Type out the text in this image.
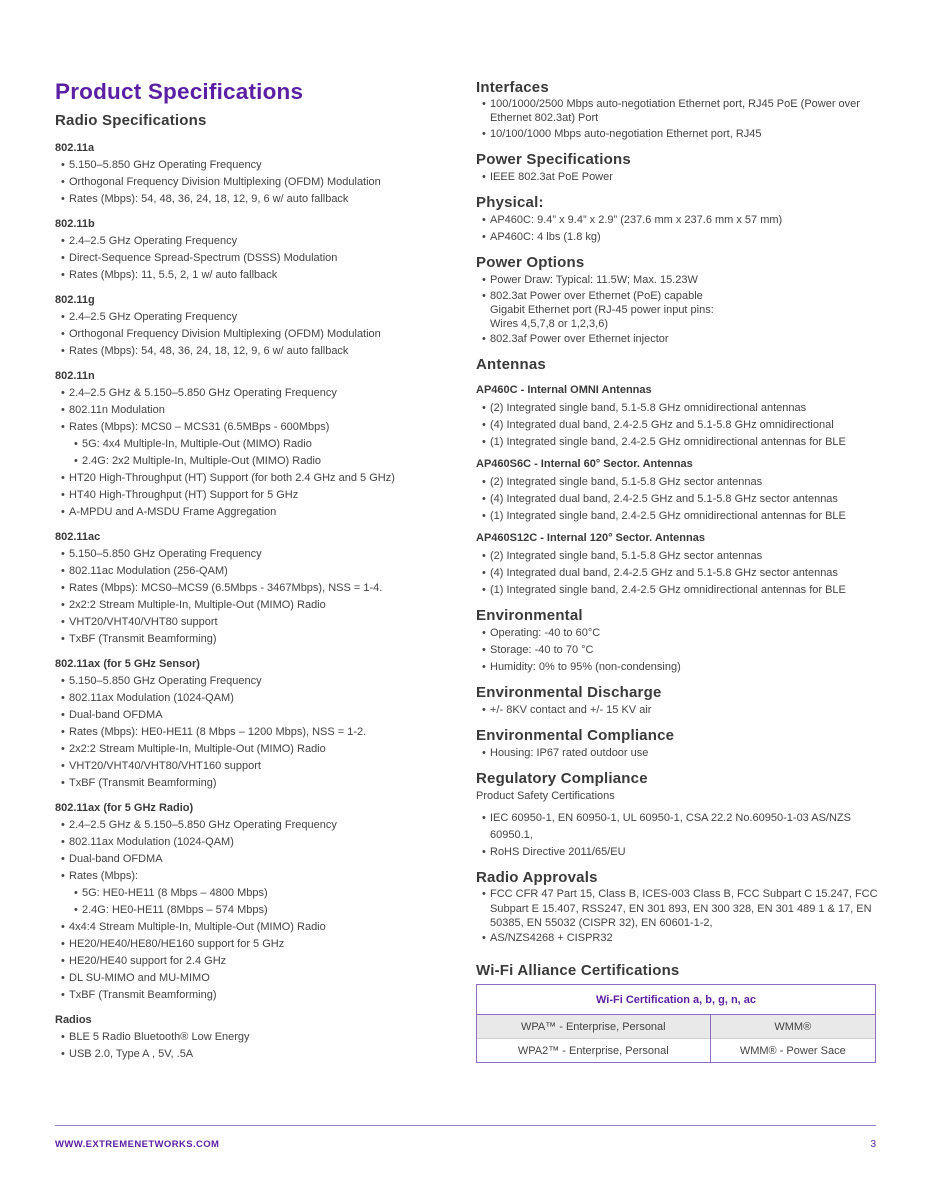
Product Specifications
Radio Specifications
802.11a
• 5.150–5.850 GHz Operating Frequency
• Orthogonal Frequency Division Multiplexing (OFDM) Modulation
• Rates (Mbps): 54, 48, 36, 24, 18, 12, 9, 6 w/ auto fallback
802.11b
• 2.4–2.5 GHz Operating Frequency
• Direct-Sequence Spread-Spectrum (DSSS) Modulation
• Rates (Mbps): 11, 5.5, 2, 1 w/ auto fallback
802.11g
• 2.4–2.5 GHz Operating Frequency
• Orthogonal Frequency Division Multiplexing (OFDM) Modulation
• Rates (Mbps): 54, 48, 36, 24, 18, 12, 9, 6 w/ auto fallback
802.11n
• 2.4–2.5 GHz & 5.150–5.850 GHz Operating Frequency
• 802.11n Modulation
• Rates (Mbps): MCS0 – MCS31 (6.5MBps - 600Mbps)
• 5G: 4x4 Multiple-In, Multiple-Out (MIMO) Radio
• 2.4G: 2x2 Multiple-In, Multiple-Out (MIMO) Radio
• HT20 High-Throughput (HT) Support (for both 2.4 GHz and 5 GHz)
• HT40 High-Throughput (HT) Support for 5 GHz
• A-MPDU and A-MSDU Frame Aggregation
802.11ac
• 5.150–5.850 GHz Operating Frequency
• 802.11ac Modulation (256-QAM)
• Rates (Mbps): MCS0–MCS9 (6.5Mbps - 3467Mbps), NSS = 1-4.
• 2x2:2 Stream Multiple-In, Multiple-Out (MIMO) Radio
• VHT20/VHT40/VHT80 support
• TxBF (Transmit Beamforming)
802.11ax (for 5 GHz Sensor)
• 5.150–5.850 GHz Operating Frequency
• 802.11ax Modulation (1024-QAM)
• Dual-band OFDMA
• Rates (Mbps): HE0-HE11 (8 Mbps – 1200 Mbps), NSS = 1-2.
• 2x2:2 Stream Multiple-In, Multiple-Out (MIMO) Radio
• VHT20/VHT40/VHT80/VHT160 support
• TxBF (Transmit Beamforming)
802.11ax (for 5 GHz Radio)
• 2.4–2.5 GHz & 5.150–5.850 GHz Operating Frequency
• 802.11ax Modulation (1024-QAM)
• Dual-band OFDMA
• Rates (Mbps):
• 5G: HE0-HE11 (8 Mbps – 4800 Mbps)
• 2.4G: HE0-HE11 (8Mbps – 574 Mbps)
• 4x4:4 Stream Multiple-In, Multiple-Out (MIMO) Radio
• HE20/HE40/HE80/HE160 support for 5 GHz
• HE20/HE40 support for 2.4 GHz
• DL SU-MIMO and MU-MIMO
• TxBF (Transmit Beamforming)
Radios
• BLE 5 Radio Bluetooth® Low Energy
• USB 2.0, Type A , 5V, .5A
Interfaces
• 100/1000/2500 Mbps auto-negotiation Ethernet port, RJ45 PoE (Power over Ethernet 802.3at) Port
• 10/100/1000 Mbps auto-negotiation Ethernet port, RJ45
Power Specifications
• IEEE 802.3at PoE Power
Physical:
• AP460C: 9.4” x 9.4” x 2.9” (237.6 mm x 237.6 mm x 57 mm)
• AP460C: 4 lbs (1.8 kg)
Power Options
• Power Draw: Typical: 11.5W; Max. 15.23W
• 802.3at Power over Ethernet (PoE) capable
Gigabit Ethernet port (RJ-45 power input pins:
Wires 4,5,7,8 or 1,2,3,6)
• 802.3af Power over Ethernet injector
Antennas
AP460C - Internal OMNI Antennas
• (2) Integrated single band, 5.1-5.8 GHz omnidirectional antennas
• (4) Integrated dual band, 2.4-2.5 GHz and 5.1-5.8 GHz omnidirectional
• (1) Integrated single band, 2.4-2.5 GHz omnidirectional antennas for BLE
AP460S6C - Internal 60° Sector. Antennas
• (2) Integrated single band, 5.1-5.8 GHz sector antennas
• (4) Integrated dual band, 2.4-2.5 GHz and 5.1-5.8 GHz sector antennas
• (1) Integrated single band, 2.4-2.5 GHz omnidirectional antennas for BLE
AP460S12C - Internal 120° Sector. Antennas
• (2) Integrated single band, 5.1-5.8 GHz sector antennas
• (4) Integrated dual band, 2.4-2.5 GHz and 5.1-5.8 GHz sector antennas
• (1) Integrated single band, 2.4-2.5 GHz omnidirectional antennas for BLE
Environmental
• Operating: -40 to 60°C
• Storage: -40 to 70 °C
• Humidity: 0% to 95% (non-condensing)
Environmental Discharge
• +/- 8KV contact and +/- 15 KV air
Environmental Compliance
• Housing: IP67 rated outdoor use
Regulatory Compliance
Product Safety Certifications
• IEC 60950-1, EN 60950-1, UL 60950-1, CSA 22.2 No.60950-1-03 AS/NZS 60950.1,
• RoHS Directive 2011/65/EU
Radio Approvals
• FCC CFR 47 Part 15, Class B, ICES-003 Class B, FCC Subpart C 15.247, FCC Subpart E 15.407, RSS247, EN 301 893, EN 300 328, EN 301 489 1 & 17, EN 50385, EN 55032 (CISPR 32), EN 60601-1-2,
• AS/NZS4268 + CISPR32
Wi-Fi Alliance Certifications
Wi-Fi Certification a, b, g, n, ac	
WPA™ - Enterprise, Personal	WMM®
WPA2™ - Enterprise, Personal	WMM® - Power Sace
WWW.EXTREMENETWORKS.COM	3
